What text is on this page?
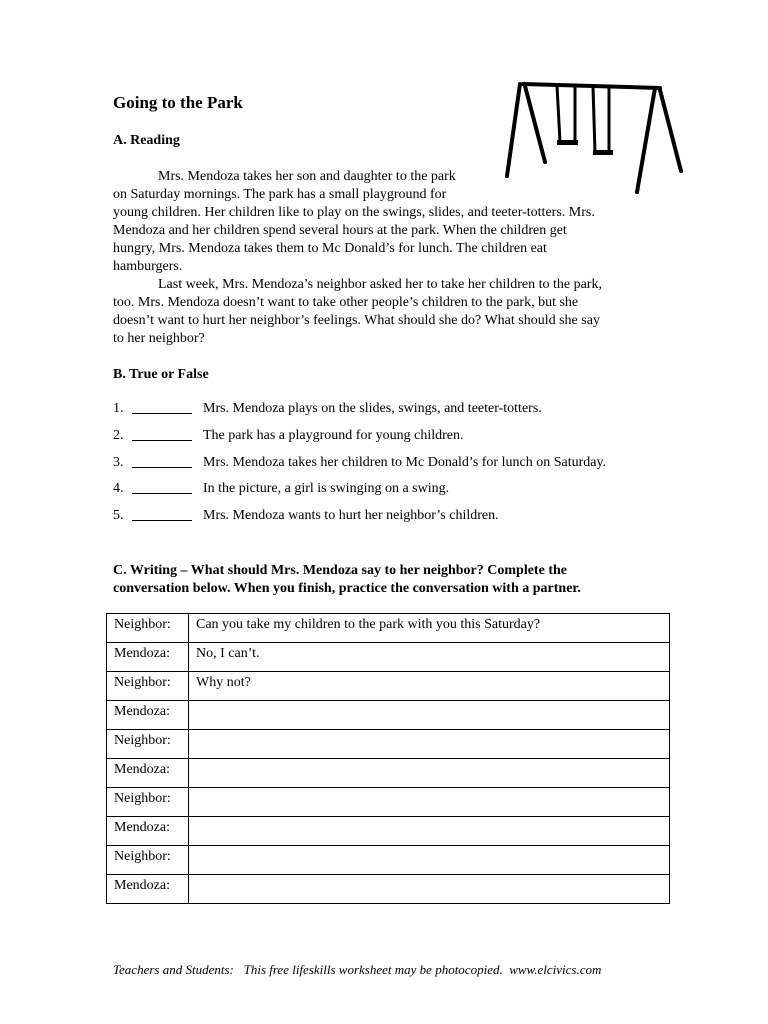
Going to the Park
A. Reading
Mrs. Mendoza takes her son and daughter to the park
on Saturday mornings. The park has a small playground for
young children. Her children like to play on the swings, slides, and teeter-totters. Mrs.
Mendoza and her children spend several hours at the park. When the children get
hungry, Mrs. Mendoza takes them to Mc Donald’s for lunch. The children eat
hamburgers.
Last week, Mrs. Mendoza’s neighbor asked her to take her children to the park,
too. Mrs. Mendoza doesn’t want to take other people’s children to the park, but she
doesn’t want to hurt her neighbor’s feelings. What should she do? What should she say
to her neighbor?
B. True or False
1.	Mrs. Mendoza plays on the slides, swings, and teeter-totters.
2.	The park has a playground for young children.
3.	Mrs. Mendoza takes her children to Mc Donald’s for lunch on Saturday.
4.	In the picture, a girl is swinging on a swing.
5.	Mrs. Mendoza wants to hurt her neighbor’s children.
C. Writing – What should Mrs. Mendoza say to her neighbor? Complete the
conversation below. When you finish, practice the conversation with a partner.
Neighbor:	Can you take my children to the park with you this Saturday?
Mendoza:	No, I can’t.
Neighbor:	Why not?
Mendoza:	
Neighbor:	
Mendoza:	
Neighbor:	
Mendoza:	
Neighbor:	
Mendoza:	
Teachers and Students:   This free lifeskills worksheet may be photocopied.  www.elcivics.com
